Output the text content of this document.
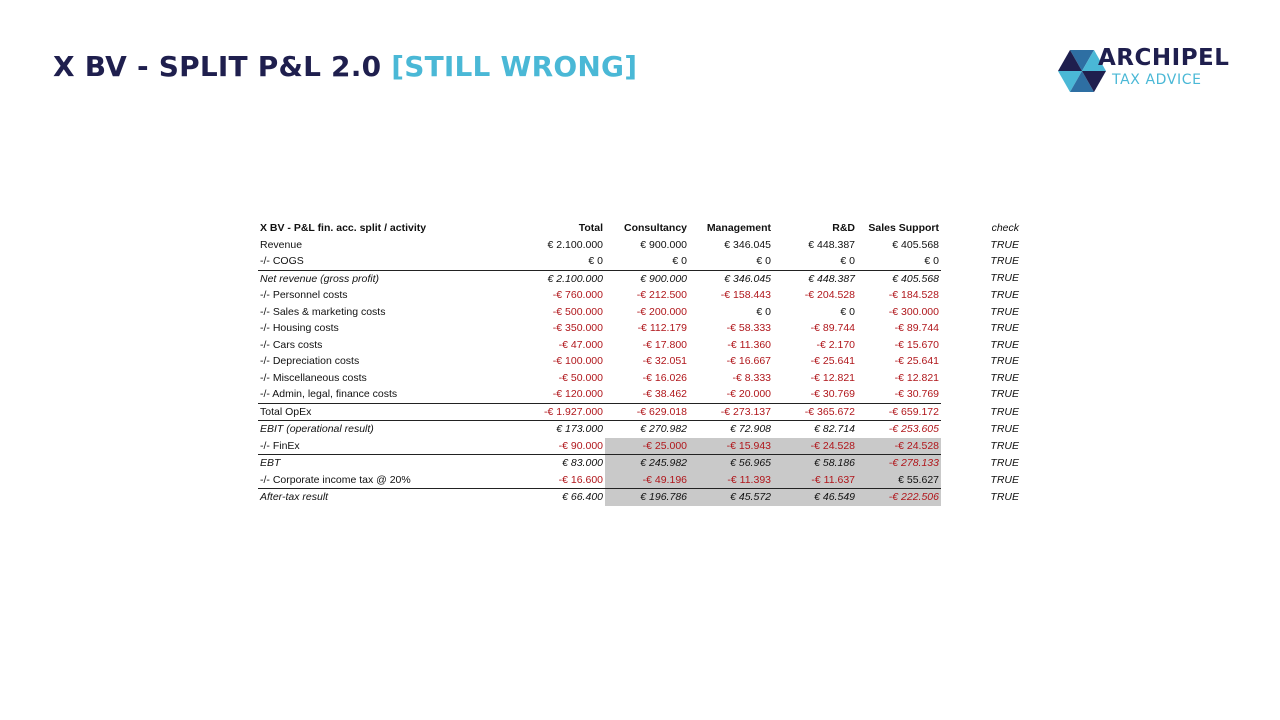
X BV - SPLIT P&L 2.0 [STILL WRONG]	ARCHIPEL
TAX ADVICE
X BV - P&L fin. acc. split / activity	Total	Consultancy	Management	R&D	Sales Support	check
Revenue	€ 2.100.000	€ 900.000	€ 346.045	€ 448.387	€ 405.568	TRUE
-/- COGS	€ 0	€ 0	€ 0	€ 0	€ 0	TRUE
Net revenue (gross profit)	€ 2.100.000	€ 900.000	€ 346.045	€ 448.387	€ 405.568	TRUE
-/- Personnel costs	-€ 760.000	-€ 212.500	-€ 158.443	-€ 204.528	-€ 184.528	TRUE
-/- Sales & marketing costs	-€ 500.000	-€ 200.000	€ 0	€ 0	-€ 300.000	TRUE
-/- Housing costs	-€ 350.000	-€ 112.179	-€ 58.333	-€ 89.744	-€ 89.744	TRUE
-/- Cars costs	-€ 47.000	-€ 17.800	-€ 11.360	-€ 2.170	-€ 15.670	TRUE
-/- Depreciation costs	-€ 100.000	-€ 32.051	-€ 16.667	-€ 25.641	-€ 25.641	TRUE
-/- Miscellaneous costs	-€ 50.000	-€ 16.026	-€ 8.333	-€ 12.821	-€ 12.821	TRUE
-/- Admin, legal, finance costs	-€ 120.000	-€ 38.462	-€ 20.000	-€ 30.769	-€ 30.769	TRUE
Total OpEx	-€ 1.927.000	-€ 629.018	-€ 273.137	-€ 365.672	-€ 659.172	TRUE
EBIT (operational result)	€ 173.000	€ 270.982	€ 72.908	€ 82.714	-€ 253.605	TRUE
-/- FinEx	-€ 90.000	-€ 25.000	-€ 15.943	-€ 24.528	-€ 24.528	TRUE
EBT	€ 83.000	€ 245.982	€ 56.965	€ 58.186	-€ 278.133	TRUE
-/- Corporate income tax @ 20%	-€ 16.600	-€ 49.196	-€ 11.393	-€ 11.637	€ 55.627	TRUE
After-tax result	€ 66.400	€ 196.786	€ 45.572	€ 46.549	-€ 222.506	TRUE
